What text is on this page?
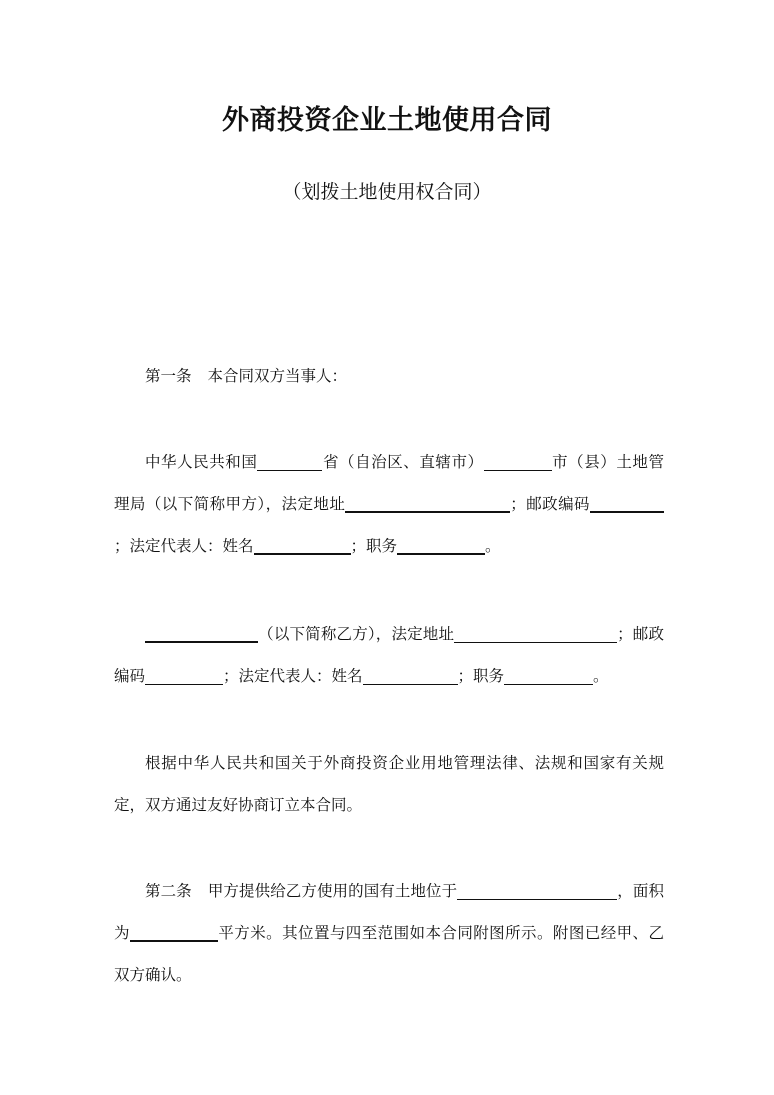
外商投资企业土地使用合同
（划拨土地使用权合同）

第一条 本合同双方当事人：

中华人民共和国	省（自治区、直辖市）	市（县）土地管理局（以下简称甲方），法定地址	；邮政编码；法定代表人：姓名	；职务	。

（以下简称乙方），法定地址	；邮政编码	；法定代表人：姓名	；职务	。

根据中华人民共和国关于外商投资企业用地管理法律、法规和国家有关规定，双方通过友好协商订立本合同。

第二条 甲方提供给乙方使用的国有土地位于	，面积为	平方米。其位置与四至范围如本合同附图所示。附图已经甲、乙双方确认。
